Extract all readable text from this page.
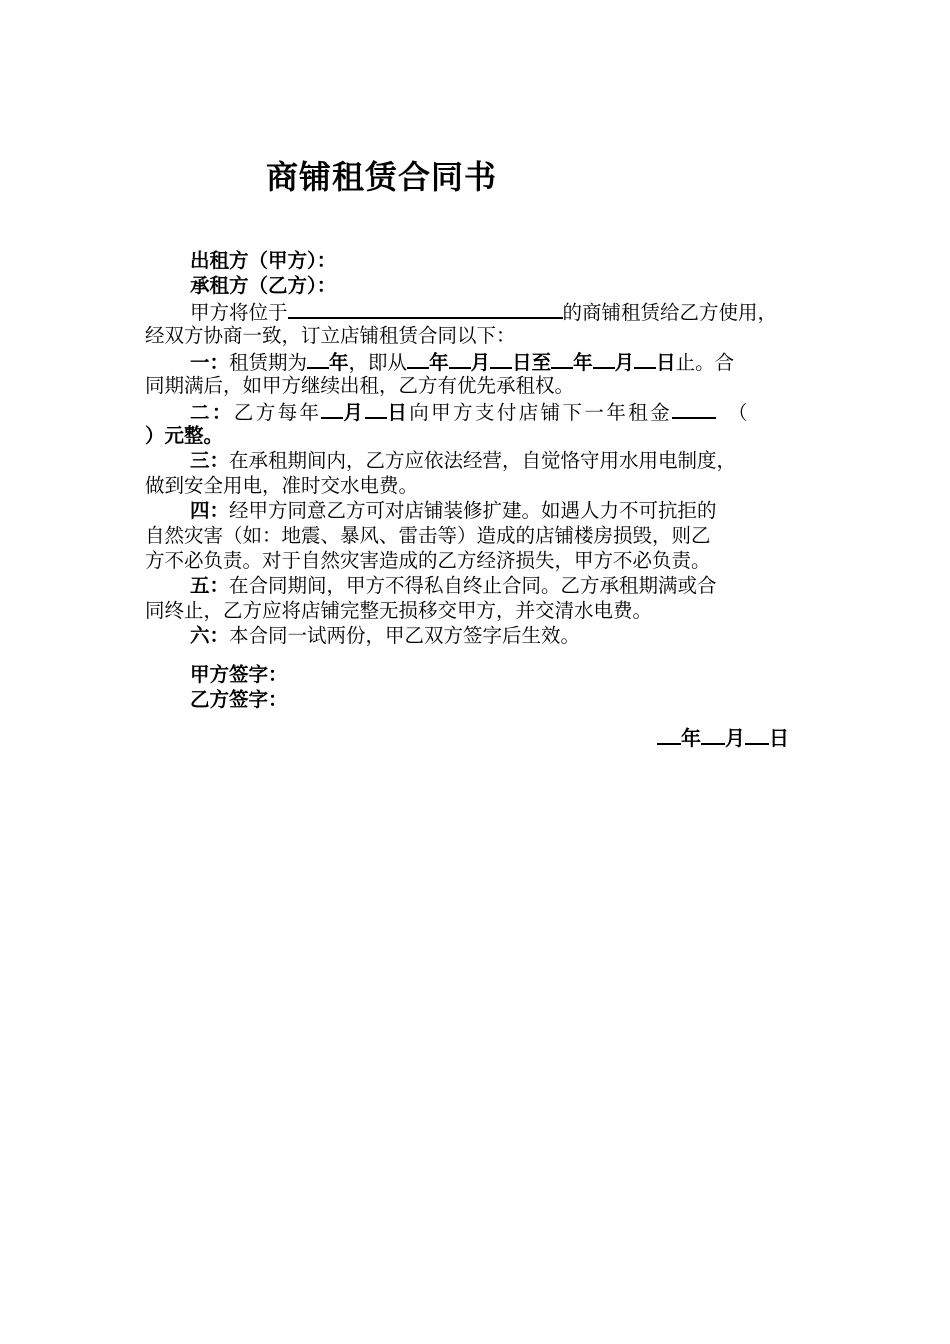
商铺租赁合同书
出租方（甲方）：
承租方（乙方）：
甲方将位于	的商铺租赁给乙方使用，
经双方协商一致，订立店铺租赁合同以下：
一：租赁期为 年，即从 年 月 日至 年 月 日止。合
同期满后，如甲方继续出租，乙方有优先承租权。
二：乙方每年 月 日向甲方支付店铺下一年租金	（
）元整。
三：在承租期间内，乙方应依法经营，自觉恪守用水用电制度，
做到安全用电，准时交水电费。
四：经甲方同意乙方可对店铺装修扩建。如遇人力不可抗拒的
自然灾害（如：地震、暴风、雷击等）造成的店铺楼房损毁，则乙
方不必负责。对于自然灾害造成的乙方经济损失，甲方不必负责。
五：在合同期间，甲方不得私自终止合同。乙方承租期满或合
同终止，乙方应将店铺完整无损移交甲方，并交清水电费。
六：本合同一试两份，甲乙双方签字后生效。
甲方签字：
乙方签字：
年 月 日
